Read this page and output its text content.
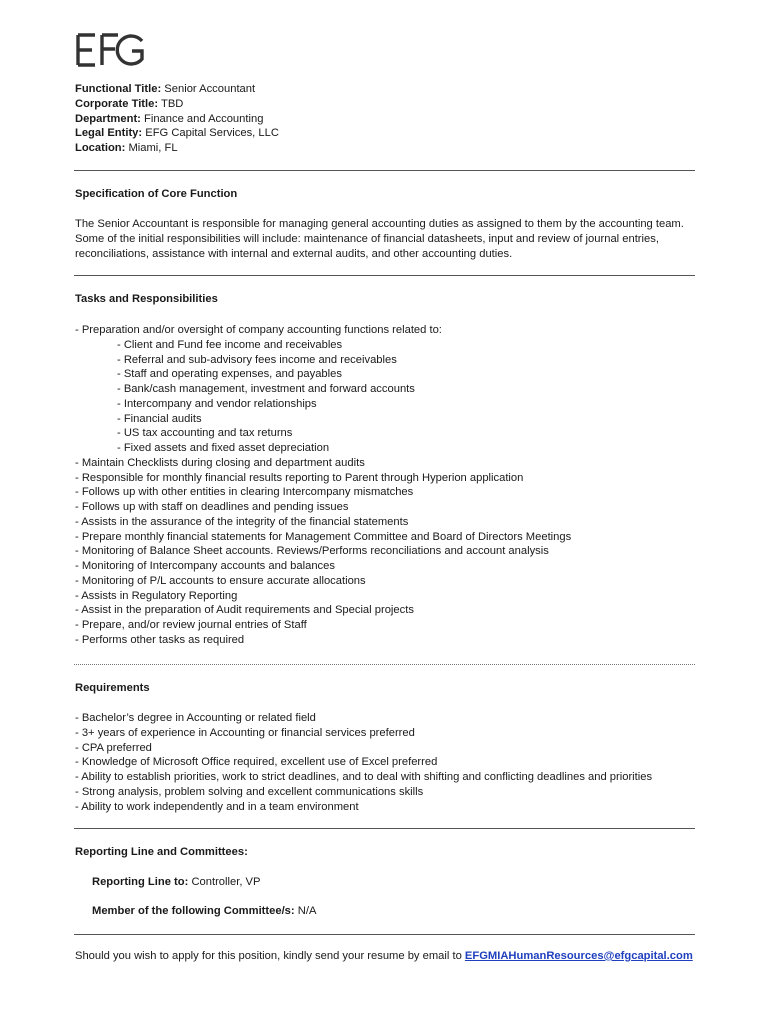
Functional Title: Senior Accountant
Corporate Title: TBD
Department: Finance and Accounting
Legal Entity: EFG Capital Services, LLC
Location: Miami, FL
Specification of Core Function
The Senior Accountant is responsible for managing general accounting duties as assigned to them by the accounting team.
Some of the initial responsibilities will include: maintenance of financial datasheets, input and review of journal entries,
reconciliations, assistance with internal and external audits, and other accounting duties.
Tasks and Responsibilities
- Preparation and/or oversight of company accounting functions related to:
- Client and Fund fee income and receivables
- Referral and sub-advisory fees income and receivables
- Staff and operating expenses, and payables
- Bank/cash management, investment and forward accounts
- Intercompany and vendor relationships
- Financial audits
- US tax accounting and tax returns
- Fixed assets and fixed asset depreciation
- Maintain Checklists during closing and department audits
- Responsible for monthly financial results reporting to Parent through Hyperion application
- Follows up with other entities in clearing Intercompany mismatches
- Follows up with staff on deadlines and pending issues
- Assists in the assurance of the integrity of the financial statements
- Prepare monthly financial statements for Management Committee and Board of Directors Meetings
- Monitoring of Balance Sheet accounts. Reviews/Performs reconciliations and account analysis
- Monitoring of Intercompany accounts and balances
- Monitoring of P/L accounts to ensure accurate allocations
- Assists in Regulatory Reporting
- Assist in the preparation of Audit requirements and Special projects
- Prepare, and/or review journal entries of Staff
- Performs other tasks as required
Requirements
- Bachelor’s degree in Accounting or related field
- 3+ years of experience in Accounting or financial services preferred
- CPA preferred
- Knowledge of Microsoft Office required, excellent use of Excel preferred
- Ability to establish priorities, work to strict deadlines, and to deal with shifting and conflicting deadlines and priorities
- Strong analysis, problem solving and excellent communications skills
- Ability to work independently and in a team environment
Reporting Line and Committees:
Reporting Line to: Controller, VP
Member of the following Committee/s: N/A
Should you wish to apply for this position, kindly send your resume by email to EFGMIAHumanResources@efgcapital.com
